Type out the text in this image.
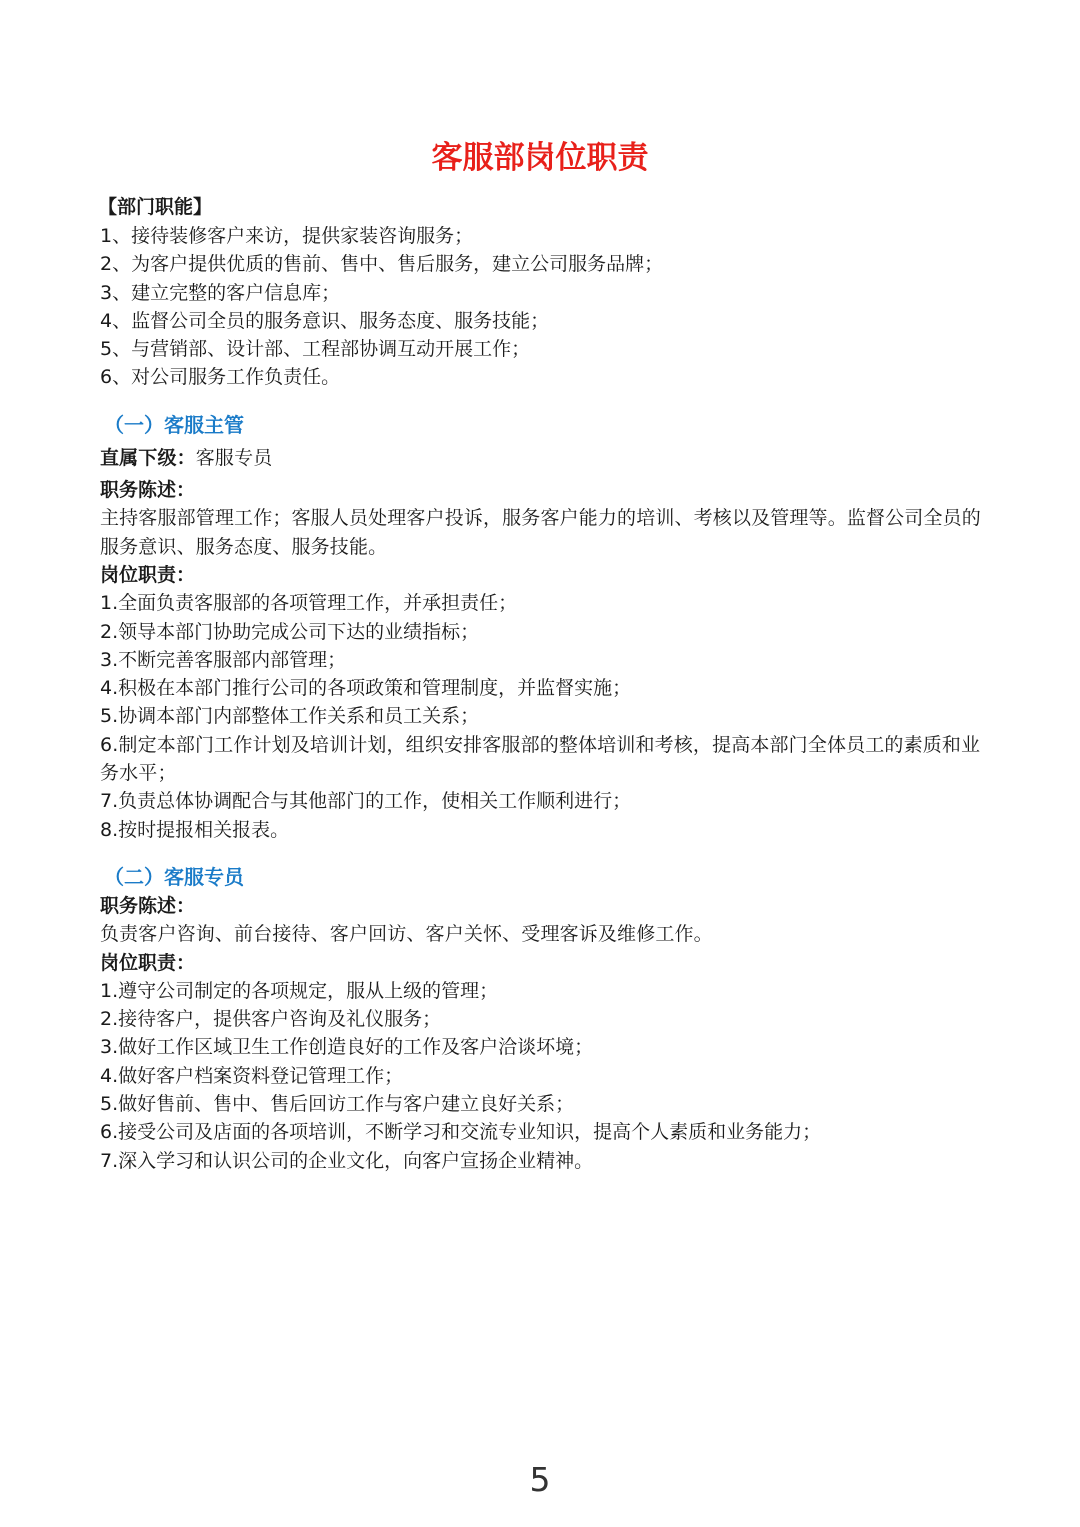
客服部岗位职责
【部门职能】
1、接待装修客户来访，提供家装咨询服务；
2、为客户提供优质的售前、售中、售后服务，建立公司服务品牌；
3、建立完整的客户信息库；
4、监督公司全员的服务意识、服务态度、服务技能；
5、与营销部、设计部、工程部协调互动开展工作；
6、对公司服务工作负责任。
（一）客服主管
直属下级：客服专员
职务陈述：
主持客服部管理工作；客服人员处理客户投诉，服务客户能力的培训、考核以及管理等。监督公司全员的服务意识、服务态度、服务技能。
岗位职责：
1.全面负责客服部的各项管理工作，并承担责任；
2.领导本部门协助完成公司下达的业绩指标；
3.不断完善客服部内部管理；
4.积极在本部门推行公司的各项政策和管理制度，并监督实施；
5.协调本部门内部整体工作关系和员工关系；
6.制定本部门工作计划及培训计划，组织安排客服部的整体培训和考核，提高本部门全体员工的素质和业务水平；
7.负责总体协调配合与其他部门的工作，使相关工作顺利进行；
8.按时提报相关报表。
（二）客服专员
职务陈述：
负责客户咨询、前台接待、客户回访、客户关怀、受理客诉及维修工作。
岗位职责：
1.遵守公司制定的各项规定，服从上级的管理；
2.接待客户，提供客户咨询及礼仪服务；
3.做好工作区域卫生工作创造良好的工作及客户洽谈坏境；
4.做好客户档案资料登记管理工作；
5.做好售前、售中、售后回访工作与客户建立良好关系；
6.接受公司及店面的各项培训，不断学习和交流专业知识，提高个人素质和业务能力；
7.深入学习和认识公司的企业文化，向客户宣扬企业精神。
5
